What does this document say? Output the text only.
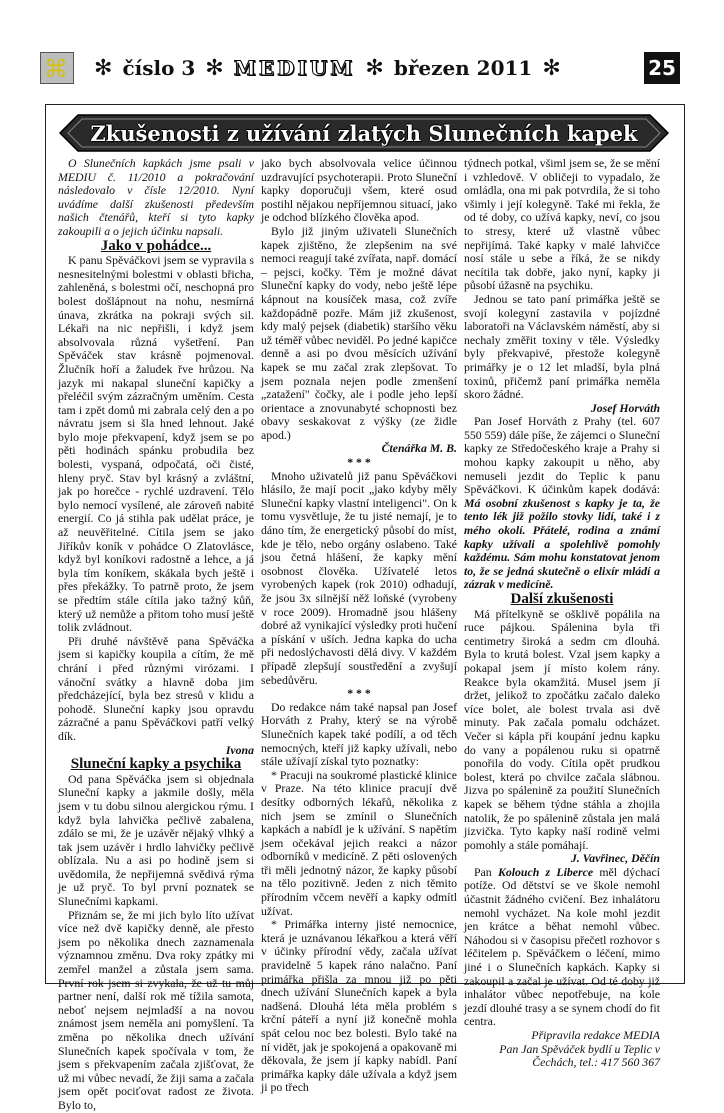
⌘	✻ číslo 3 ✻ MEDIUM ✻ březen 2011 ✻	25
Zkušenosti z užívání zlatých Slunečních kapek

O Slunečních kapkách jsme psali v MEDIU č. 11/2010 a pokračování následovalo v čísle 12/2010. Nyní uvádíme další zkušenosti především našich čtenářů, kteří si tyto kapky zakoupili a o jejich účinku napsali.

Jako v pohádce...

K panu Spěváčkovi jsem se vypravila s nesnesitelnými bolestmi v oblasti břicha, zahleněná, s bolestmi očí, neschopná pro bolest došlápnout na nohu, nesmírná únava, zkrátka na pokraji svých sil. Lékaři na nic nepřišli, i když jsem absolvovala různá vyšetření. Pan Spěváček stav krásně pojmenoval. Žlučník hoří a žaludek řve hrůzou. Na jazyk mi nakapal sluneční kapičky a přeléčil svým zázračným uměním. Cesta tam i zpět domů mi zabrala celý den a po návratu jsem si šla hned lehnout. Jaké bylo moje překvapení, když jsem se po pěti hodinách spánku probudila bez bolesti, vyspaná, odpočatá, oči čisté, hleny pryč. Stav byl krásný a zvláštní, jak po horečce - rychlé uzdravení. Tělo bylo nemocí vysílené, ale zároveň nabité energií. Co já stihla pak udělat práce, je až neuvěřitelné. Cítila jsem se jako Jiříkův koník v pohádce O Zlatovlásce, když byl koníkovi radostně a lehce, a já byla tím koníkem, skákala bych ještě i přes překážky. To patrně proto, že jsem se předtím stále cítila jako tažný kůň, který už nemůže a přitom toho musí ještě tolik zvládnout.

Při druhé návštěvě pana Spěváčka jsem si kapičky koupila a cítím, že mě chrání i před různými virózami. I vánoční svátky a hlavně doba jim předcházející, byla bez stresů v klidu a pohodě. Sluneční kapky jsou opravdu zázračné a panu Spěváčkovi patří velký dík.

Ivona
Sluneční kapky a psychika

Od pana Spěváčka jsem si objednala Sluneční kapky a jakmile došly, měla jsem v tu dobu silnou alergickou rýmu. I když byla lahvička pečlivě zabalena, zdálo se mi, že je uzávěr nějaký vlhký a tak jsem uzávěr i hrdlo lahvičky pečlivě oblízala. Nu a asi po hodině jsem si uvědomila, že nepřijemná svědivá rýma je už pryč. To byl první poznatek se Slunečními kapkami.

Přiznám se, že mi jich bylo líto užívat více než dvě kapičky denně, ale přesto jsem po několika dnech zaznamenala významnou změnu. Dva roky zpátky mi zemřel manžel a zůstala jsem sama. První rok jsem si zvykala, že už tu můj partner není, další rok mě tížila samota, neboť nejsem nejmladší a na novou známost jsem neměla ani pomyšlení. Ta změna po několika dnech užívání Slunečních kapek spočívala v tom, že jsem s překvapením začala zjišťovat, že už mi vůbec nevadí, že žiji sama a začala jsem opět pociťovat radost ze života. Bylo to,

jako bych absolvovala velice účinnou uzdravující psychoterapii. Proto Sluneční kapky doporučuji všem, které osud postihl nějakou nepříjemnou situací, jako je odchod blízkého člověka apod.

Bylo již jiným uživateli Slunečních kapek zjištěno, že zlepšenim na své nemoci reagují také zvířata, např. domácí – pejsci, kočky. Těm je možné dávat Sluneční kapky do vody, nebo ještě lépe kápnout na kousíček masa, což zvíře každopádně pozře. Mám již zkušenost, kdy malý pejsek (diabetik) staršího věku už téměř vůbec neviděl. Po jedné kapičce denně a asi po dvou měsících užívání kapek se mu začal zrak zlepšovat. To jsem poznala nejen podle zmenšení „zatažení" čočky, ale i podle jeho lepší orientace a znovunabyté schopnosti bez obavy seskakovat z výšky (ze židle apod.)

Čtenářka M. B.
* * *

Mnoho uživatelů již panu Spěváčkovi hlásilo, že mají pocit „jako kdyby měly Sluneční kapky vlastní inteligenci". On k tomu vysvětluje, že tu jisté nemají, je to dáno tím, že energetický působí do míst, kde je tělo, nebo orgány oslabeno. Také jsou četná hlášení, že kapky mění osobnost člověka. Užívatelé letos vyrobených kapek (rok 2010) odhadují, že jsou 3x silnější něž loňské (vyrobeny v roce 2009). Hromadně jsou hlášeny dobré až vynikající výsledky proti hučení a pískání v uších. Jedna kapka do ucha při nedoslýchavosti dělá divy. V každém případě zlepšují soustředění a zvyšují sebedůvěru.

* * *

Do redakce nám také napsal pan Josef Horváth z Prahy, který se na výrobě Slunečních kapek také podílí, a od těch nemocných, kteří již kapky užívali, nebo stále užívají získal tyto poznatky:

* Pracuji na soukromé plastické klinice v Praze. Na této klinice pracují dvě desítky odborných lékařů, několika z nich jsem se zmínil o Slunečních kapkách a nabídl je k užívání. S napětím jsem očekával jejich reakci a názor odborníků v medicíně. Z pěti oslovených tři měli jednotný názor, že kapky působí na tělo pozitivně. Jeden z nich těmito přírodním včcem nevěří a kapky odmítl užívat.

* Primářka interny jisté nemocnice, která je uznávanou lékařkou a která věří v účinky přírodní vědy, začala užívat pravidelně 5 kapek ráno nalačno. Paní primářka přišla za mnou již po pěti dnech užívání Slunečních kapek a byla nadšená. Dlouhá léta měla problém s krční páteří a nyní již konečně mohla spát celou noc bez bolesti. Bylo také na ní vidět, jak je spokojená a opakovaně mi děkovala, že jsem jí kapky nabídl. Paní primářka kapky dále užívala a když jsem ji po třech

týdnech potkal, všiml jsem se, že se mění i vzhledově. V obličeji to vypadalo, že omládla, ona mi pak potvrdila, že si toho všimly i její kolegyně. Také mi řekla, že od té doby, co užívá kapky, neví, co jsou to stresy, které už vlastně vůbec nepřijímá. Také kapky v malé lahvičce nosí stále u sebe a říká, že se nikdy necítila tak dobře, jako nyní, kapky ji působí úžasně na psychiku.

Jednou se tato paní primářka ještě se svojí kolegyní zastavila v pojízdné laboratoři na Václavském náměstí, aby si nechaly změřit toxiny v těle. Výsledky byly překvapivé, přestože kolegyně primářky je o 12 let mladší, byla plná toxinů, přičemž paní primářka neměla skoro žádné.

Josef Horváth

Pan Josef Horváth z Prahy (tel. 607 550 559) dále píše, že zájemci o Sluneční kapky ze Středočeského kraje a Prahy si mohou kapky zakoupit u něho, aby nemuseli jezdit do Teplic k panu Spěváčkovi. K účinkům kapek dodává: Má osobní zkušenost s kapky je ta, že tento lék již požilo stovky lidí, také i z mého okolí. Přátelé, rodina a známí kapky užívali a spolehlivě pomohly každému. Sám mohu konstatovat jenom to, že se jedná skutečně o elixír mládí a zázrak v medicíně.

Další zkušenosti

Má přítelkyně se ošklivě popálila na ruce pájkou. Spálenina byla tři centimetry široká a sedm cm dlouhá. Byla to krutá bolest. Vzal jsem kapky a pokapal jsem jí místo kolem rány. Reakce byla okamžitá. Musel jsem jí držet, jelikož to zpočátku začalo daleko více bolet, ale bolest trvala asi dvě minuty. Pak začala pomalu odcházet. Večer si kápla při koupání jednu kapku do vany a popálenou ruku si opatrně ponořila do vody. Cítila opět prudkou bolest, která po chvilce začala slábnou. Jizva po spálenině za použití Slunečních kapek se během týdne stáhla a zhojila natolik, že po spálenině zůstala jen malá jizvička. Tyto kapky naší rodině velmi pomohly a stále pomáhají.

J. Vavřinec, Děčín

Pan Kolouch z Liberce měl dýchací potíže. Od dětství se ve škole nemohl účastnit žádného cvičení. Bez inhalátoru nemohl vycházet. Na kole mohl jezdit jen krátce a běhat nemohl vůbec. Náhodou si v časopisu přečetl rozhovor s léčitelem p. Spěváčkem o léčení, mimo jiné i o Slunečních kapkách. Kapky si zakoupil a začal je užívat. Od té doby již inhalátor vůbec nepotřebuje, na kole jezdí dlouhé trasy a se synem chodí do fit centra.

Připravila redakce MEDIA
Pan Jan Spěváček bydlí u Teplic v Čechách, tel.: 417 560 367
